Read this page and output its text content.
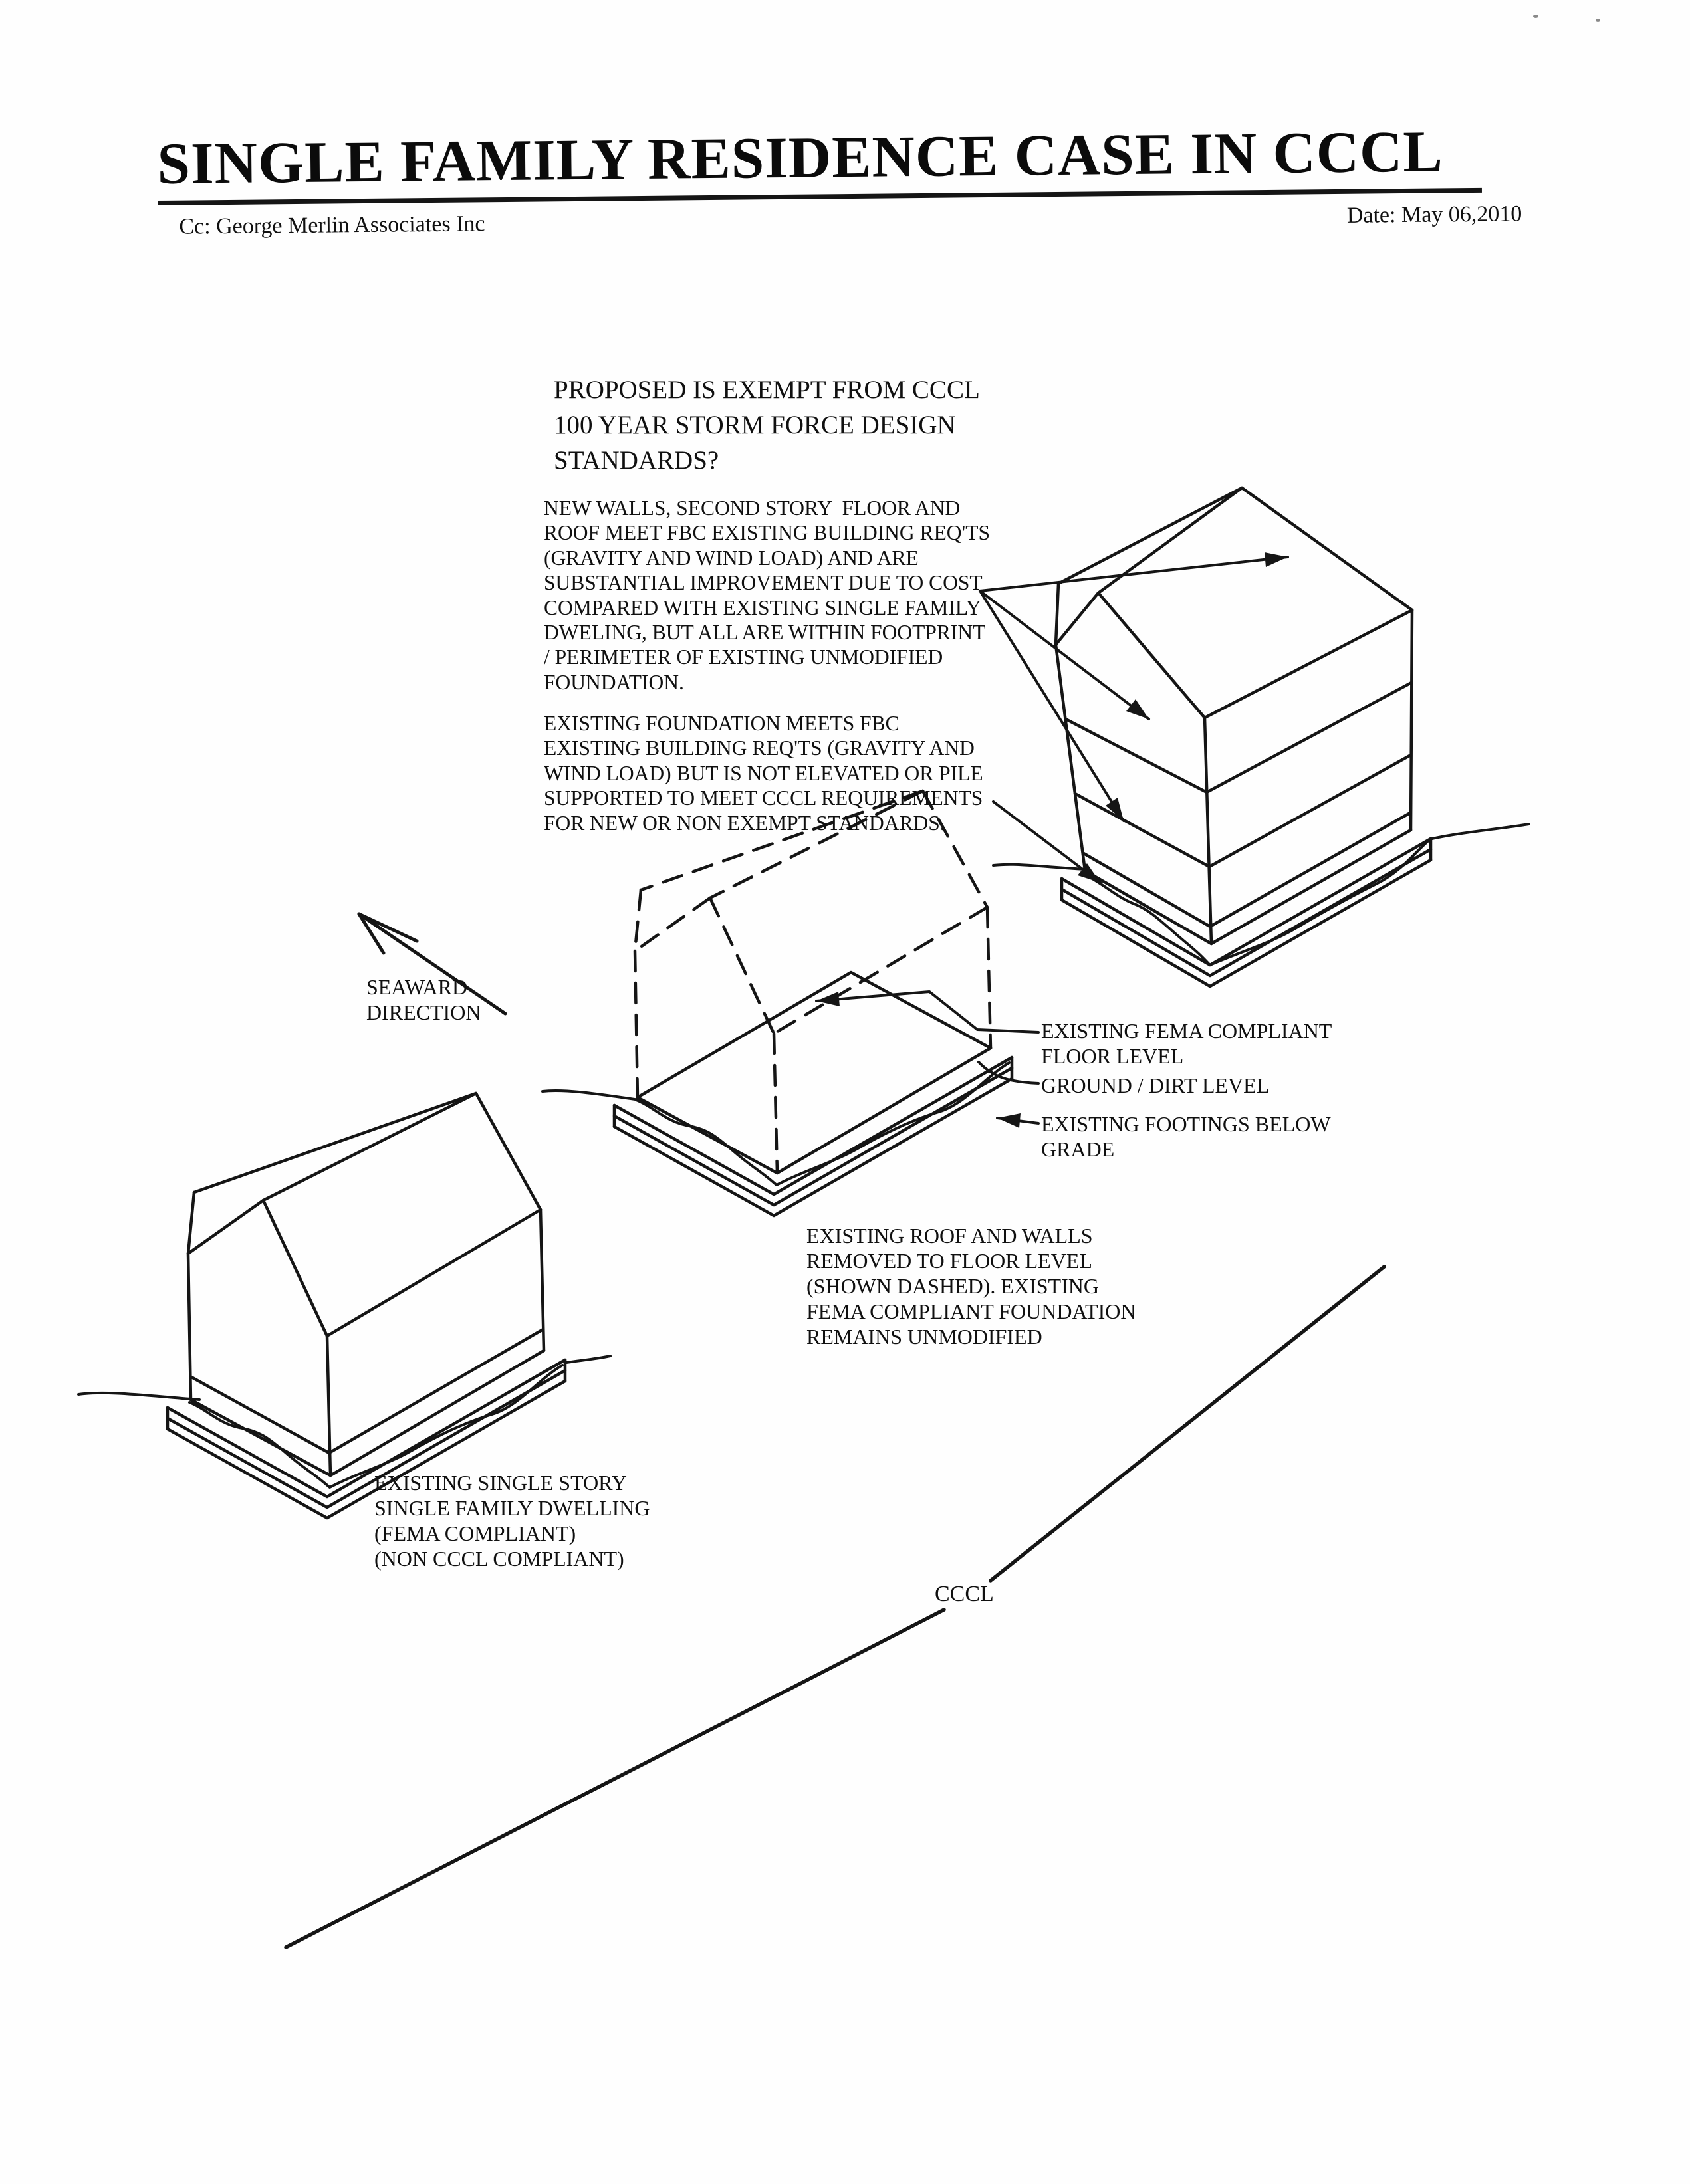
SINGLE FAMILY RESIDENCE CASE IN CCCL
Cc: George Merlin Associates Inc	Date: May 06,2010
PROPOSED IS EXEMPT FROM CCCL
100 YEAR STORM FORCE DESIGN
STANDARDS?
NEW WALLS, SECOND STORY  FLOOR AND
ROOF MEET FBC EXISTING BUILDING REQ'TS
(GRAVITY AND WIND LOAD) AND ARE
SUBSTANTIAL IMPROVEMENT DUE TO COST
COMPARED WITH EXISTING SINGLE FAMILY
DWELING, BUT ALL ARE WITHIN FOOTPRINT
/ PERIMETER OF EXISTING UNMODIFIED
FOUNDATION.
EXISTING FOUNDATION MEETS FBC
EXISTING BUILDING REQ'TS (GRAVITY AND
WIND LOAD) BUT IS NOT ELEVATED OR PILE
SUPPORTED TO MEET CCCL REQUIREMENTS
FOR NEW OR NON EXEMPT STANDARDS.
SEAWARD
DIRECTION
EXISTING FEMA COMPLIANT
FLOOR LEVEL
GROUND / DIRT LEVEL
EXISTING FOOTINGS BELOW
GRADE
EXISTING ROOF AND WALLS
REMOVED TO FLOOR LEVEL
(SHOWN DASHED). EXISTING
FEMA COMPLIANT FOUNDATION
REMAINS UNMODIFIED
EXISTING SINGLE STORY
SINGLE FAMILY DWELLING
(FEMA COMPLIANT)
(NON CCCL COMPLIANT)
CCCL
